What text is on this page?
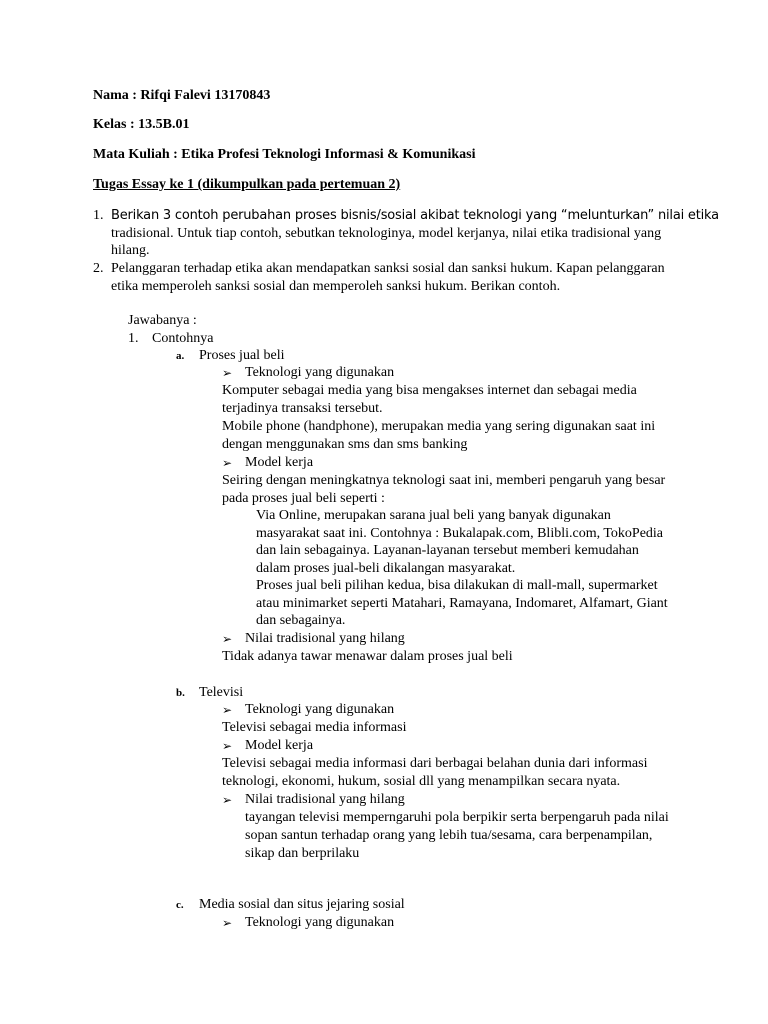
Nama : Rifqi Falevi 13170843
Kelas : 13.5B.01
Mata Kuliah : Etika Profesi Teknologi Informasi & Komunikasi
Tugas Essay ke 1 (dikumpulkan pada pertemuan 2)
1. Berikan 3 contoh perubahan proses bisnis/sosial akibat teknologi yang “melunturkan” nilai etika
tradisional. Untuk tiap contoh, sebutkan teknologinya, model kerjanya, nilai etika tradisional yang
hilang.
2. Pelanggaran terhadap etika akan mendapatkan sanksi sosial dan sanksi hukum. Kapan pelanggaran
etika memperoleh sanksi sosial dan memperoleh sanksi hukum. Berikan contoh.
Jawabanya :
1. Contohnya
a. Proses jual beli
➢ Teknologi yang digunakan
Komputer sebagai media yang bisa mengakses internet dan sebagai media
terjadinya transaksi tersebut.
Mobile phone (handphone), merupakan media yang sering digunakan saat ini
dengan menggunakan sms dan sms banking
➢ Model kerja
Seiring dengan meningkatnya teknologi saat ini, memberi pengaruh yang besar
pada proses jual beli seperti :
Via Online, merupakan sarana jual beli yang banyak digunakan
masyarakat saat ini. Contohnya : Bukalapak.com, Blibli.com, TokoPedia
dan lain sebagainya. Layanan-layanan tersebut memberi kemudahan
dalam proses jual-beli dikalangan masyarakat.
Proses jual beli pilihan kedua, bisa dilakukan di mall-mall, supermarket
atau minimarket seperti Matahari, Ramayana, Indomaret, Alfamart, Giant
dan sebagainya.
➢ Nilai tradisional yang hilang
Tidak adanya tawar menawar dalam proses jual beli
b. Televisi
➢ Teknologi yang digunakan
Televisi sebagai media informasi
➢ Model kerja
Televisi sebagai media informasi dari berbagai belahan dunia dari informasi
teknologi, ekonomi, hukum, sosial dll yang menampilkan secara nyata.
➢ Nilai tradisional yang hilang
tayangan televisi memperngaruhi pola berpikir serta berpengaruh pada nilai
sopan santun terhadap orang yang lebih tua/sesama, cara berpenampilan,
sikap dan berprilaku
c. Media sosial dan situs jejaring sosial
➢ Teknologi yang digunakan
